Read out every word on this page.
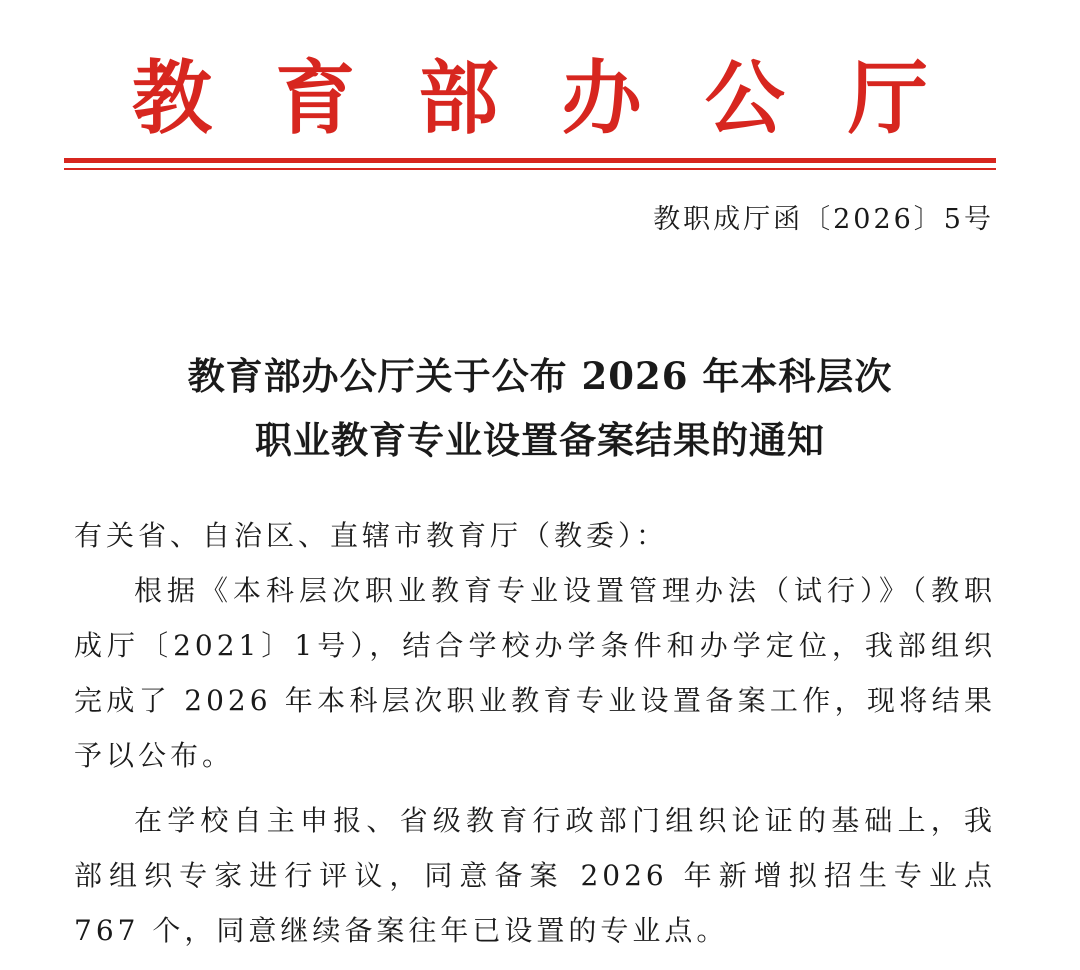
教 育 部 办 公 厅
教职成厅函〔2026〕5号
教育部办公厅关于公布 2026 年本科层次
职业教育专业设置备案结果的通知
有关省、自治区、直辖市教育厅（教委）：

根据《本科层次职业教育专业设置管理办法（试行）》（教职成厅〔2021〕1号），结合学校办学条件和办学定位，我部组织完成了 2026 年本科层次职业教育专业设置备案工作，现将结果予以公布。

在学校自主申报、省级教育行政部门组织论证的基础上，我部组织专家进行评议，同意备案 2026 年新增拟招生专业点 767 个，同意继续备案往年已设置的专业点。
